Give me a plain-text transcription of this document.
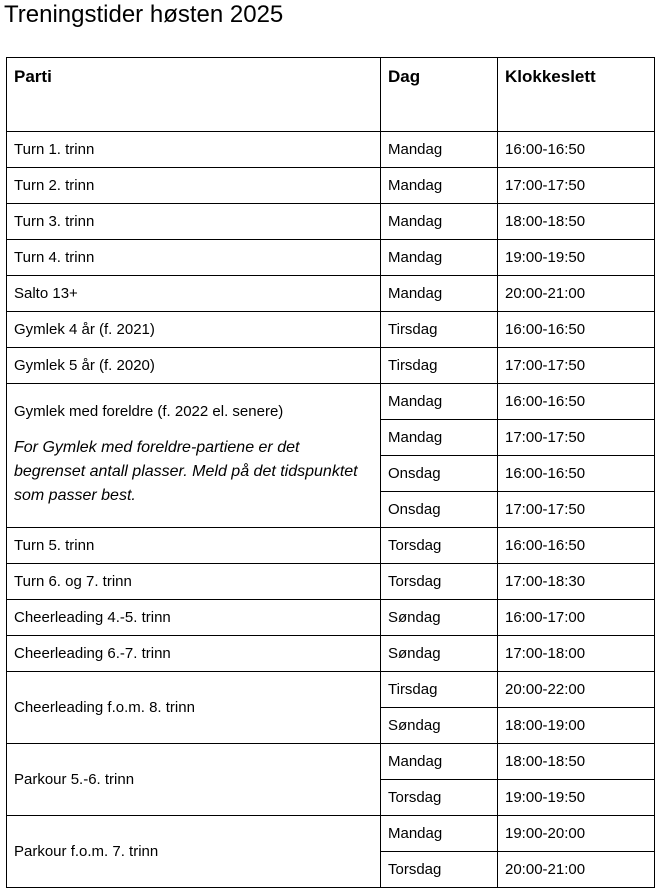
Treningstider høsten 2025
Parti	Dag	Klokkeslett
Turn 1. trinn	Mandag	16:00-16:50
Turn 2. trinn	Mandag	17:00-17:50
Turn 3. trinn	Mandag	18:00-18:50
Turn 4. trinn	Mandag	19:00-19:50
Salto 13+	Mandag	20:00-21:00
Gymlek 4 år (f. 2021)	Tirsdag	16:00-16:50
Gymlek 5 år (f. 2020)	Tirsdag	17:00-17:50

Gymlek med foreldre (f. 2022 el. senere)
For Gymlek med foreldre-partiene er det begrenset antall plasser. Meld på det tidspunktet som passer best.	Mandag	16:00-16:50
	Mandag	17:00-17:50
	Onsdag	16:00-16:50
	Onsdag	17:00-17:50
Turn 5. trinn	Torsdag	16:00-16:50
Turn 6. og 7. trinn	Torsdag	17:00-18:30
Cheerleading 4.-5. trinn	Søndag	16:00-17:00
Cheerleading 6.-7. trinn	Søndag	17:00-18:00
Cheerleading f.o.m. 8. trinn	Tirsdag	20:00-22:00
	Søndag	18:00-19:00
Parkour 5.-6. trinn	Mandag	18:00-18:50
	Torsdag	19:00-19:50
Parkour f.o.m. 7. trinn	Mandag	19:00-20:00
	Torsdag	20:00-21:00
